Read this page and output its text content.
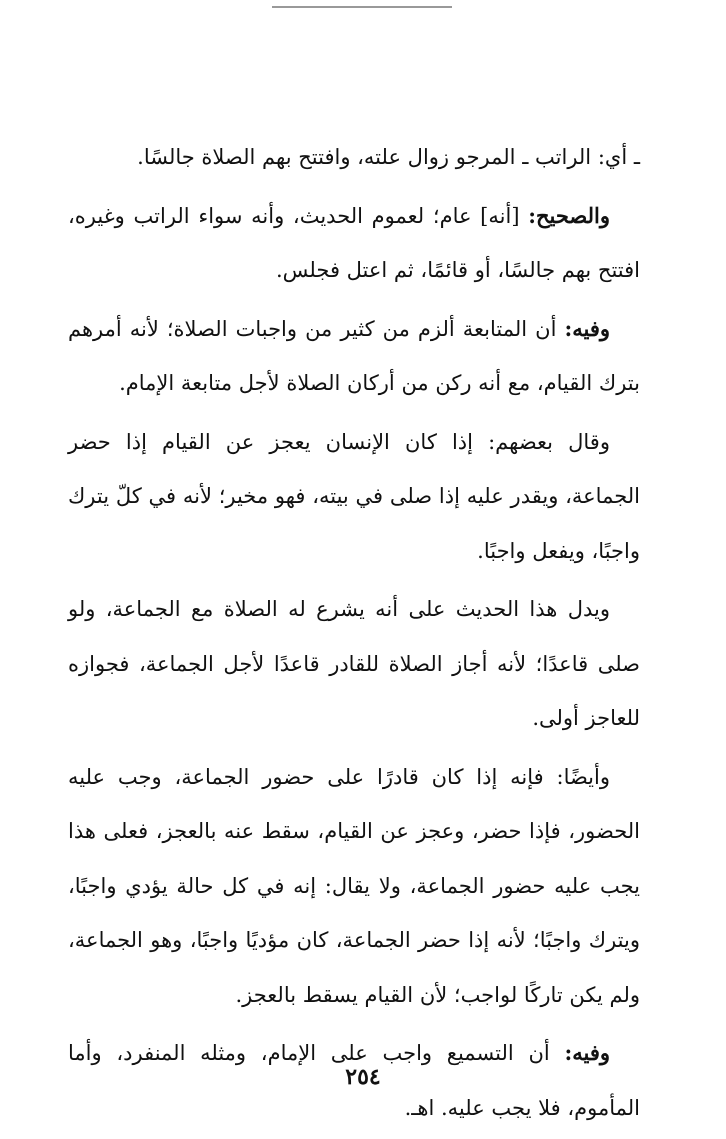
ـ أي: الراتب ـ المرجو زوال علته، وافتتح بهم الصلاة جالسًا.

والصحيح: [أنه] عام؛ لعموم الحديث، وأنه سواء الراتب وغيره، افتتح بهم جالسًا، أو قائمًا، ثم اعتل فجلس.

وفيه: أن المتابعة ألزم من كثير من واجبات الصلاة؛ لأنه أمرهم بترك القيام، مع أنه ركن من أركان الصلاة لأجل متابعة الإمام.

وقال بعضهم: إذا كان الإنسان يعجز عن القيام إذا حضر الجماعة، ويقدر عليه إذا صلى في بيته، فهو مخير؛ لأنه في كلّ يترك واجبًا، ويفعل واجبًا.

ويدل هذا الحديث على أنه يشرع له الصلاة مع الجماعة، ولو صلى قاعدًا؛ لأنه أجاز الصلاة للقادر قاعدًا لأجل الجماعة، فجوازه للعاجز أولى.

وأيضًا: فإنه إذا كان قادرًا على حضور الجماعة، وجب عليه الحضور، فإذا حضر، وعجز عن القيام، سقط عنه بالعجز، فعلى هذا يجب عليه حضور الجماعة، ولا يقال: إنه في كل حالة يؤدي واجبًا، ويترك واجبًا؛ لأنه إذا حضر الجماعة، كان مؤديًا واجبًا، وهو الجماعة، ولم يكن تاركًا لواجب؛ لأن القيام يسقط بالعجز.

وفيه: أن التسميع واجب على الإمام، ومثله المنفرد، وأما المأموم، فلا يجب عليه. اهـ.

٢٥٤
